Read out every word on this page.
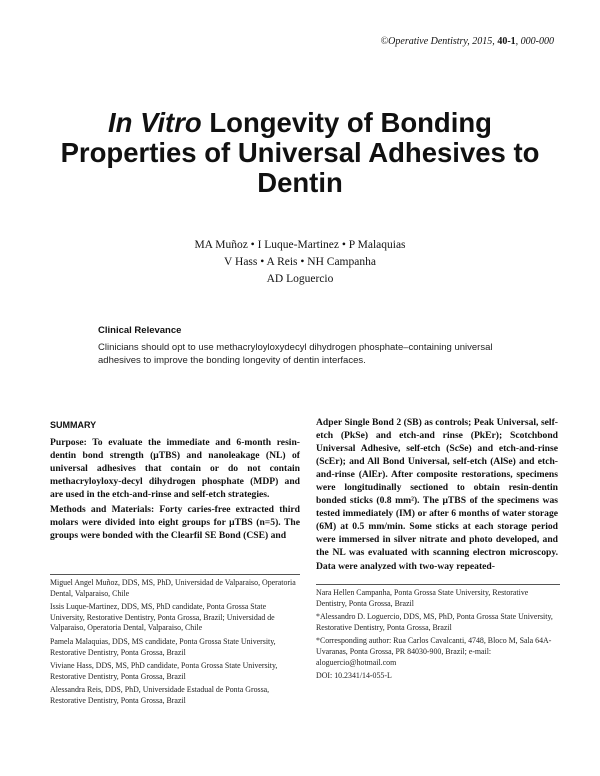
©Operative Dentistry, 2015, 40-1, 000-000
In Vitro Longevity of Bonding Properties of Universal Adhesives to Dentin
MA Muñoz • I Luque-Martinez • P Malaquias
V Hass • A Reis • NH Campanha
AD Loguercio
Clinical Relevance
Clinicians should opt to use methacryloyloxydecyl dihydrogen phosphate–containing universal adhesives to improve the bonding longevity of dentin interfaces.
SUMMARY

Purpose: To evaluate the immediate and 6-month resin-dentin bond strength (μTBS) and nanoleakage (NL) of universal adhesives that contain or do not contain methacryloyloxy-decyl dihydrogen phosphate (MDP) and are used in the etch-and-rinse and self-etch strategies.

Methods and Materials: Forty caries-free extracted third molars were divided into eight groups for μTBS (n=5). The groups were bonded with the Clearfil SE Bond (CSE) and

Adper Single Bond 2 (SB) as controls; Peak Universal, self-etch (PkSe) and etch-and rinse (PkEr); Scotchbond Universal Adhesive, self-etch (ScSe) and etch-and-rinse (ScEr); and All Bond Universal, self-etch (AlSe) and etch-and-rinse (AlEr). After composite restorations, specimens were longitudinally sectioned to obtain resin-dentin bonded sticks (0.8 mm²). The μTBS of the specimens was tested immediately (IM) or after 6 months of water storage (6M) at 0.5 mm/min. Some sticks at each storage period were immersed in silver nitrate and photo developed, and the NL was evaluated with scanning electron microscopy. Data were analyzed with two-way repeated-

Miguel Angel Muñoz, DDS, MS, PhD, Universidad de Valparaiso, Operatoria Dental, Valparaiso, Chile

Issis Luque-Martinez, DDS, MS, PhD candidate, Ponta Grossa State University, Restorative Dentistry, Ponta Grossa, Brazil; Universidad de Valparaiso, Operatoria Dental, Valparaiso, Chile

Pamela Malaquias, DDS, MS candidate, Ponta Grossa State University, Restorative Dentistry, Ponta Grossa, Brazil

Viviane Hass, DDS, MS, PhD candidate, Ponta Grossa State University, Restorative Dentistry, Ponta Grossa, Brazil

Alessandra Reis, DDS, PhD, Universidade Estadual de Ponta Grossa, Restorative Dentistry, Ponta Grossa, Brazil

Nara Hellen Campanha, Ponta Grossa State University, Restorative Dentistry, Ponta Grossa, Brazil

*Alessandro D. Loguercio, DDS, MS, PhD, Ponta Grossa State University, Restorative Dentistry, Ponta Grossa, Brazil

*Corresponding author: Rua Carlos Cavalcanti, 4748, Bloco M, Sala 64A-Uvaranas, Ponta Grossa, PR 84030-900, Brazil; e-mail: aloguercio@hotmail.com

DOI: 10.2341/14-055-L
